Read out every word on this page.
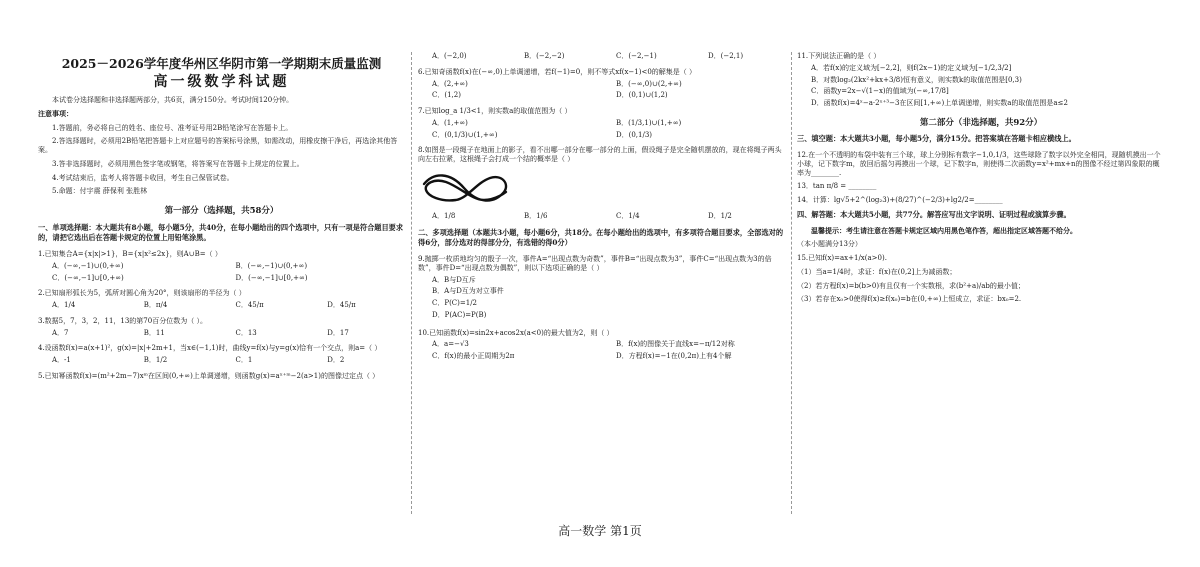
2025－2026学年度华州区华阴市第一学期期末质量监测
高一级数学科试题
本试卷分选择题和非选择题两部分，共6页，满分150分。考试时间120分钟。
注意事项：
1.答题前，务必将自己的姓名、座位号、准考证号用2B铅笔涂写在答题卡上。
2.答选择题时，必须用2B铅笔把答题卡上对应题号的答案标号涂黑，如需改动，用橡皮擦干净后，再选涂其他答案。
3.答非选择题时，必须用黑色签字笔或钢笔，将答案写在答题卡上规定的位置上。
4.考试结束后，监考人将答题卡收回，考生自己保管试卷。
5.命题：付宇震 薛保利 张胜林
第一部分（选择题，共58分）
一、单项选择题：本大题共有8小题，每小题5分，共40分，在每小题给出的四个选项中，只有一项是符合题目要求的，请把它选出后在答题卡规定的位置上用铅笔涂黑。
1.已知集合A={x|x|>1}，B={x|x²≤2x}，则A∪B=（ ）
A．(−∞,−1)∪(0,+∞)	B．(−∞,−1)∪(0,+∞)
C．(−∞,−1]∪[0,+∞)	D．(−∞,−1]∪[0,+∞)
2.已知扇形弧长为5，弧所对圆心角为20°，则该扇形的半径为（ ）
A．1/4	B．π/4	C．45/π	D．45/π
3.数据5，7，3，2，11，13的第70百分位数为（ ）。
A．7	B．11	C．13	D．17
4.设函数f(x)=a(x+1)²，g(x)=|x|+2m+1，当x∈(−1,1)时，曲线y=f(x)与y=g(x)恰有一个交点，则a=（ ）
A．-1	B．1/2	C．1	D．2
5.已知幂函数f(x)=(m²+2m−7)xᵐ在区间(0,+∞)上单调递增，则函数g(x)=aˣ⁺ᵐ−2(a>1)的图像过定点（ ）
A．(−2,0)	B．(−2,−2)	C．(−2,−1)	D．(−2,1)
6.已知奇函数f(x)在(−∞,0)上单调递增，若f(−1)=0，则不等式xf(x−1)<0的解集是（ ）
A．(2,+∞)	B．(−∞,0)∪(2,+∞)
C．(1,2)	D．(0,1)∪(1,2)
7.已知log_a 1/3<1，则实数a的取值范围为（ ）
A．(1,+∞)	B．(1/3,1)∪(1,+∞)
C．(0,1/3)∪(1,+∞)	D．(0,1/3)
8.如图是一段绳子在地面上的影子，看不出哪一部分在哪一部分的上面，假设绳子是完全随机摆放的，现在将绳子两头向左右拉紧，这根绳子会打成一个结的概率是（ ）
A．1/8	B．1/6	C．1/4	D．1/2
二、多项选择题（本题共3小题，每小题6分，共18分。在每小题给出的选项中，有多项符合题目要求，全部选对的得6分，部分选对的得部分分，有选错的得0分）
9.抛掷一枚质地均匀的骰子一次，事件A=“出现点数为奇数”，事件B=“出现点数为3”，事件C=“出现点数为3的倍数”，事件D=“出现点数为偶数”，则以下选项正确的是（ ）
A．B与D互斥
B．A与D互为对立事件
C．P(C)=1/2
D．P(AC)=P(B)
10.已知函数f(x)=sin2x+acos2x(a<0)的最大值为2，则（ ）
A．a=−√3	B．f(x)的图像关于直线x=−π/12对称
C．f(x)的最小正周期为2π	D．方程f(x)=−1在(0,2π)上有4个解
11.下列说法正确的是（ ）
A．若f(x)的定义域为[−2,2]，则f(2x−1)的定义域为[−1/2,3/2]
B．对数log₂(2kx²+kx+3/8)恒有意义，则实数k的取值范围是[0,3)
C．函数y=2x−√(1−x)的值域为(−∞,17/8]
D．函数f(x)=4ˣ−a·2ˣ⁺³−3在区间[1,+∞)上单调递增，则实数a的取值范围是a≤2
第二部分（非选择题，共92分）
三、填空题：本大题共3小题，每小题5分，满分15分。把答案填在答题卡相应横线上。
12.在一个不透明的布袋中装有三个球，球上分别标有数字−1,0,1/3，这些球除了数字以外完全相同，现随机摸出一个小球，记下数字m，放回后摇匀再摸出一个球，记下数字n，则使得二次函数y=x²+mx+n的图像不经过第四象限的概率为________.
13．tan π/8 = ________
14．计算：lg√5+2^(log₂3)+(8/27)^(−2/3)+lg2/2=________
四、解答题：本大题共5小题，共77分。解答应写出文字说明、证明过程或演算步骤。
温馨提示：考生请注意在答题卡规定区域内用黑色笔作答，超出指定区域答题不给分。
（本小题满分13分）
15.已知f(x)=ax+1/x(a>0).
（1）当a=1/4时，求证：f(x)在(0,2]上为减函数；
（2）若方程f(x)=b(b>0)有且仅有一个实数根，求(b²+a)/ab的最小值；
（3）若存在x₀>0使得f(x)≥f(x₀)=b在(0,+∞)上恒成立，求证：bx₀=2.
高一数学 第1页
